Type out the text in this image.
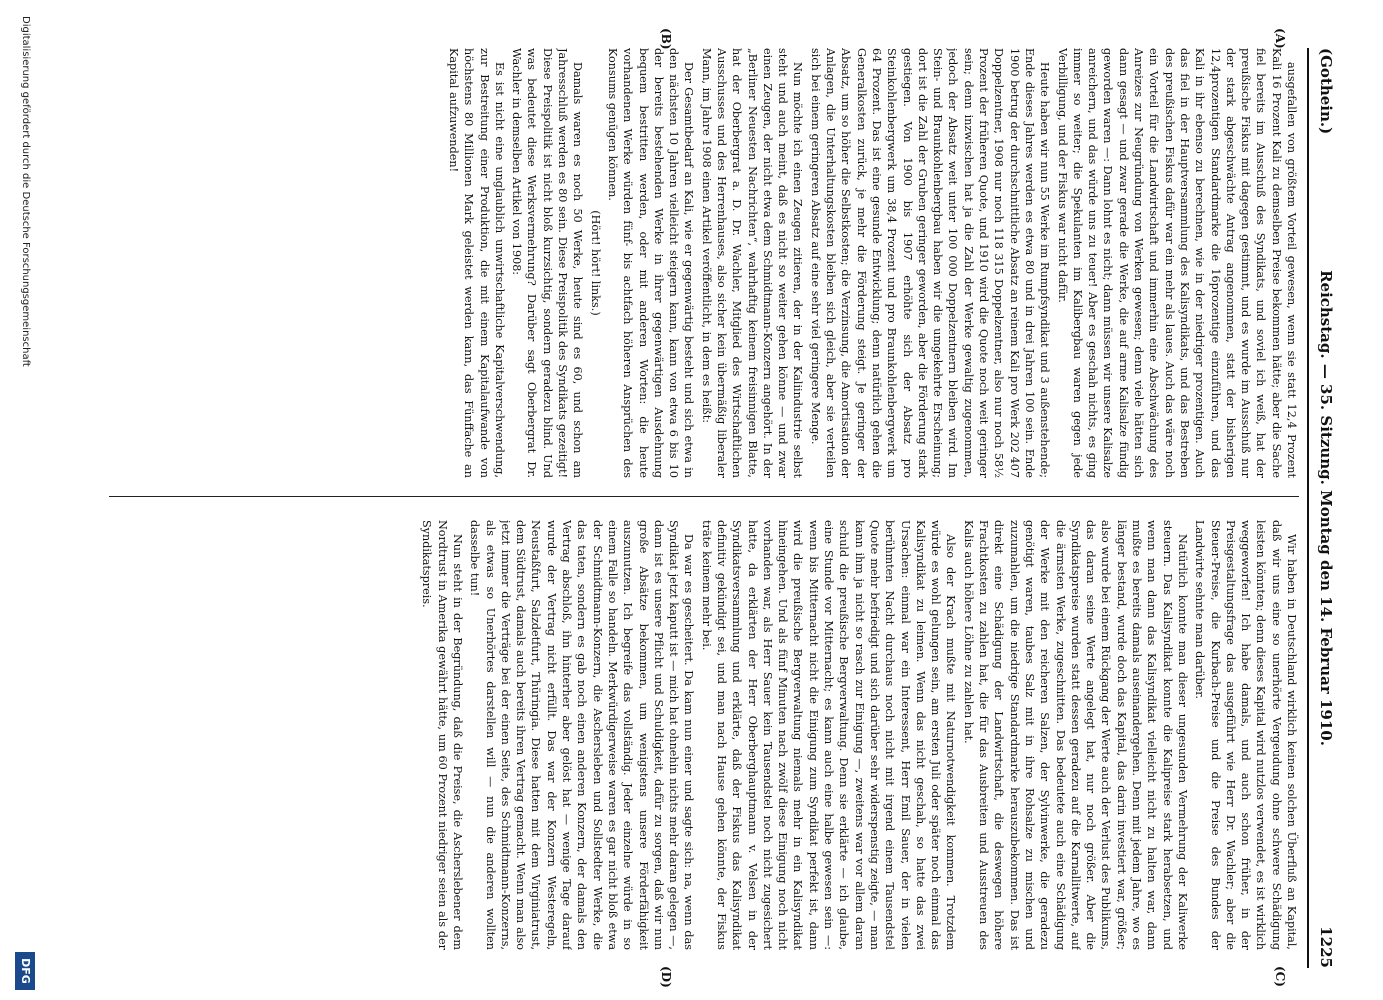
(Gothein.)
Reichstag. — 35. Sitzung. Montag den 14. Februar 1910.
1225
(A)
(B)
(C)
(D)

ausgefallen von größtem Vorteil gewesen, wenn sie statt 12,4 Prozent Kali 16 Prozent Kali zu demselben Preise bekommen hätte; aber die Sache fiel bereits im Ausschuß des Syndikats, und soviel ich weiß, hat der preußische Fiskus mit dagegen gestimmt, und es wurde im Ausschuß nur der stark abgeschwächte Antrag angenommen, statt der bisherigen 12,4prozentigen Standardmarke die 16prozentige einzuführen, und das Kali in ihr ebenso zu berechnen, wie in der niedriger prozentigen. Auch das fiel in der Hauptversammlung des Kalisyndikats, und das Bestreben des preußischen Fiskus dafür war ein mehr als laues. Auch das wäre noch ein Vorteil für die Landwirtschaft und immerhin eine Abschwächung des Anreizes zur Neugründung von Werken gewesen; denn viele hätten sich dann gesagt — und zwar gerade die Werke, die auf arme Kalisalze fündig geworden waren —: Dann lohnt es nicht; dann müssen wir unsere Kalisalze anreichern, und das würde uns zu teuer! Aber es geschah nichts, es ging immer so weiter; die Spekulanten im Kalibergbau waren gegen jede Verbilligung, und der Fiskus war nicht dafür.

Heute haben wir nun 55 Werke im Rumpfsyndikat und 3 außenstehende; Ende dieses Jahres werden es etwa 80 und in drei Jahren 100 sein. Ende 1900 betrug der durchschnittliche Absatz an reinem Kali pro Werk 202 407 Doppelzentner, 1908 nur noch 118 315 Doppelzentner, also nur noch 58½ Prozent der früheren Quote, und 1910 wird die Quote noch weit geringer sein; denn inzwischen hat ja die Zahl der Werke gewaltig zugenommen, jedoch der Absatz weit unter 100 000 Doppelzentnern bleiben wird. Im Stein- und Braunkohlenbergbau haben wir die umgekehrte Erscheinung; dort ist die Zahl der Gruben geringer geworden, aber die Förderung stark gestiegen. Von 1900 bis 1907 erhöhte sich der Absatz pro Steinkohlenbergwerk um 38,4 Prozent und pro Braunkohlenbergwerk um 64 Prozent. Das ist eine gesunde Entwicklung; denn natürlich gehen die Generalkosten zurück, je mehr die Förderung steigt. Je geringer der Absatz, um so höher die Selbstkosten; die Verzinsung, die Amortisation der Anlagen, die Unterhaltungskosten bleiben sich gleich, aber sie verteilen sich bei einem geringeren Absatz auf eine sehr viel geringere Menge.

Nun möchte ich einen Zeugen zitieren, der in der Kaliindustrie selbst steht und auch meint, daß es nicht so weiter gehen könne — und zwar einen Zeugen, der nicht etwa dem Schmidtmann-Konzern angehört. In der „Berliner Neuesten Nachrichten“, wahrhaftig keinem freisinnigen Blatte, hat der Oberbergrat a. D. Dr. Wachler, Mitglied des Wirtschaftlichen Ausschusses und des Herrenhauses, also sicher kein übermäßig liberaler Mann, im Jahre 1908 einen Artikel veröffentlicht, in dem es heißt:

Der Gesamtbedarf an Kali, wie er gegenwärtig besteht und sich etwa in den nächsten 10 Jahren vielleicht steigern kann, kann von etwa 6 bis 10 der bereits bestehenden Werke in ihrer gegenwärtigen Ausdehnung bequem bestritten werden, oder mit anderen Worten: die heute vorhandenen Werke würden fünf- bis achtfach höheren Ansprüchen des Konsums genügen können.

(Hört! hört! links.)

Damals waren es noch 50 Werke, heute sind es 60, und schon am Jahresschluß werden es 80 sein. Diese Preispolitik des Syndikats gezeitigt! Diese Preispolitik ist nicht bloß kurzsichtig, sondern geradezu blind. Und was bedeutet diese Werksvermehrung? Darüber sagt Oberbergrat Dr. Wachler in demselben Artikel von 1908:

Es ist nicht eine unglaublich unwirtschaftliche Kapitalverschwendung, zur Bestreitung einer Produktion, die mit einem Kapitalaufwande von höchstens 80 Millionen Mark geleistet werden kann, das Fünffache an Kapital aufzuwenden!

Wir haben in Deutschland wirklich keinen solchen Überfluß an Kapital, daß wir uns eine so unerhörte Vergeudung ohne schwere Schädigung leisten könnten; denn dieses Kapital wird nutzlos verwendet, es ist wirklich weggeworfen! Ich habe damals, und auch schon früher, in der Preisgestaltungsfrage das ausgeführt wie Herr Dr. Wachler; aber die Steuer-Preise, die Kurbach-Preise und die Preise des Bundes der Landwirte sehnte man darüber.

Natürlich konnte man dieser ungesunden Vermehrung der Kaliwerke steuern. Das Kalisyndikat konnte die Kalipreise stark herabsetzen, und wenn man dann das Kalisyndikat vielleicht nicht zu halten war, dann mußte es bereits damals auseinandergehen. Denn mit jedem Jahre, wo es länger bestand, wurde doch das Kapital, das darin investiert war, größer; also wurde bei einem Rückgang der Werte auch der Verlust des Publikums, das daran seine Werte angelegt hat, nur noch größer. Aber die Syndikatspreise wurden statt dessen geradezu auf die Karnallitwerte, auf die ärmsten Werke, zugeschnitten. Das bedeutete auch eine Schädigung der Werke mit den reicheren Salzen, der Sylvinwerke, die geradezu genötigt waren, taubes Salz mit in ihre Rohsalze zu mischen und zuzumahlen, um die niedrige Standardmarke herauszubekommen. Das ist direkt eine Schädigung der Landwirtschaft, die deswegen höhere Frachtkosten zu zahlen hat, die für das Ausbreiten und Ausstreuen des Kalis auch höhere Löhne zu zahlen hat.

Also der Krach mußte mit Naturnotwendigkeit kommen. Trotzdem würde es wohl gelungen sein, am ersten Juli oder später noch einmal das Kalisyndikat zu leimen. Wenn das nicht geschah, so hatte das zwei Ursachen: einmal war ein Interessent, Herr Emil Sauer, der in vielen berühmten Nacht durchaus noch nicht mit irgend einem Tausendstel Quote mehr befriedigt und sich darüber sehr widerspenstig zeigte, — man kann ihm ja nicht so rasch zur Einigung —, zweitens war vor allem daran schuld die preußische Bergverwaltung. Denn sie erklärte — ich glaube, eine Stunde vor Mitternacht; es kann auch eine halbe gewesen sein —: wenn bis Mitternacht nicht die Einigung zum Syndikat perfekt ist, dann wird die preußische Bergverwaltung niemals mehr in ein Kalisyndikat hineingehen. Und als fünf Minuten nach zwölf diese Einigung noch nicht vorhanden war, als Herr Sauer kein Tausendstel noch nicht zugesichert hatte, da erklärten der Herr Oberberghauptmann v. Velsen in der Syndikatsversammlung und erklärte, daß der Fiskus das Kalisyndikat definitiv gekündigt sei, und man nach Hause gehen könnte, der Fiskus träte keinem mehr bei.

Da war es gescheitert. Da kam nun einer und sagte sich: na, wenn das Syndikat jetzt kaputt ist — mich hat ohnehin nichts mehr daran gelegen —, dann ist es unsere Pflicht und Schuldigkeit, dafür zu sorgen, daß wir nun große Absätze bekommen, um wenigstens unsere Förderfähigkeit auszunutzen. Ich begreife das vollständig. Jeder einzelne würde in so einem Falle so handeln. Merkwürdigerweise waren es gar nicht bloß etwa der Schmidtmann-Konzern, die Aschersleben und Sollstedter Werke, die das taten, sondern es gab noch einen anderen Konzern, der damals den Vertrag abschloß, ihn hinterher aber gelöst hat — wenige Tage darauf wurde der Vertrag nicht erfüllt. Das war der Konzern Westeregeln, Neustaßfurt, Salzdetfurt, Thüringia. Diese hatten mit dem Virginiatrust, dem Südtrust, damals auch bereits ihren Vertrag gemacht. Wenn man also jetzt immer die Verträge bei der einen Seite, des Schmidtmann-Konzerns, als etwas so Unerhörtes darstellen will — nun die anderen wollten dasselbe tun!

Nun steht in der Begründung, daß die Preise, die Ascherslebener dem Nordtrust in Amerika gewährt hätte, um 60 Prozent niedriger seien als der Syndikatspreis.

Digitalisierung gefördert durch die Deutsche Forschungsgemeinschaft
DFG
